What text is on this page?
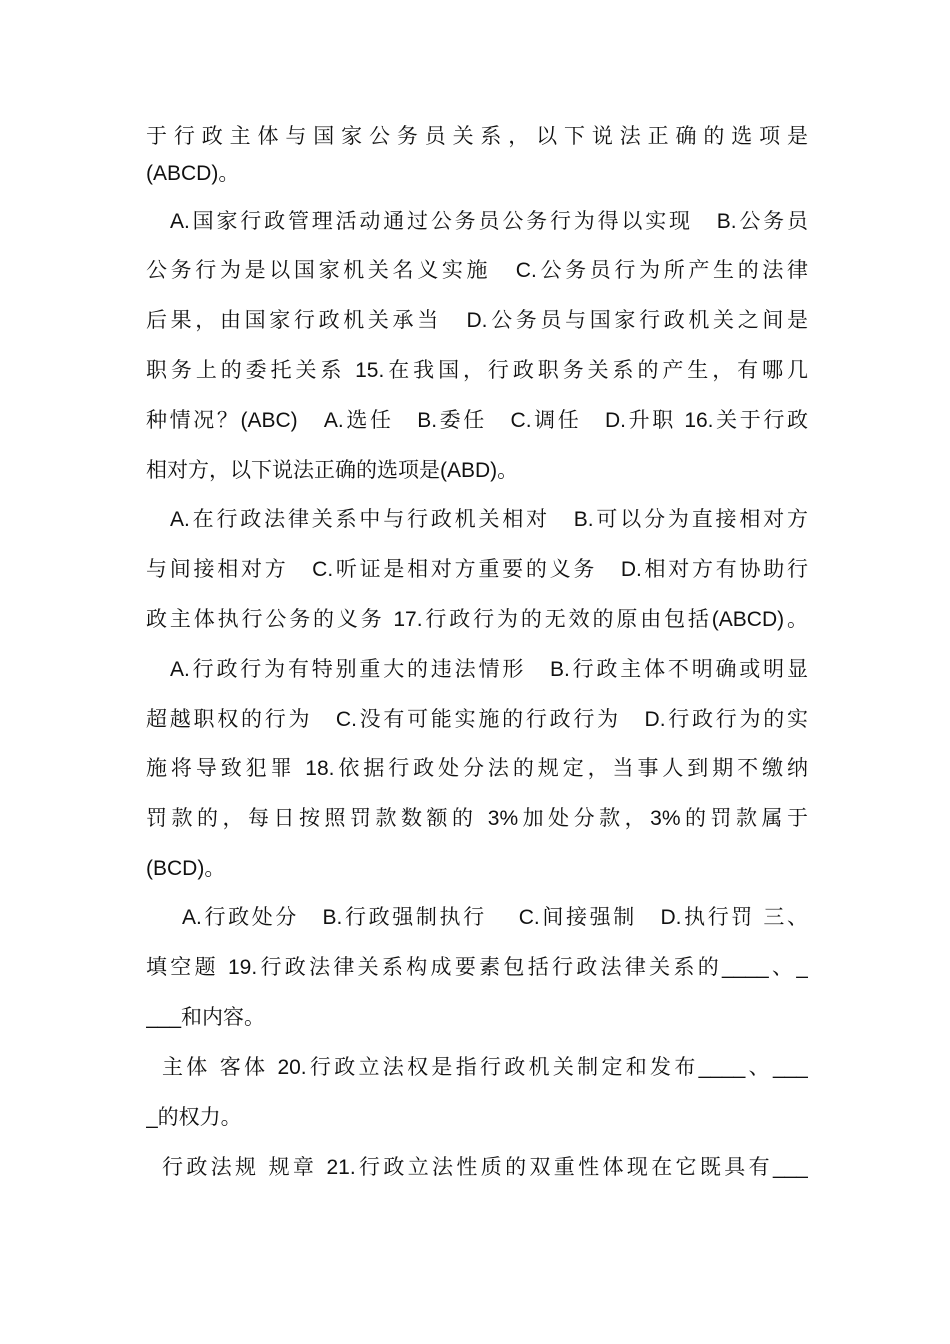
于行政主体与国家公务员关系，以下说法正确的选项是
(ABCD)。
A.国家行政管理活动通过公务员公务行为得以实现　B.公务员
公务行为是以国家机关名义实施　C.公务员行为所产生的法律
后果，由国家行政机关承当　D.公务员与国家行政机关之间是
职务上的委托关系 15.在我国，行政职务关系的产生，有哪几
种情况？(ABC)　A.选任　B.委任　C.调任　D.升职 16.关于行政
相对方，以下说法正确的选项是(ABD)。
A.在行政法律关系中与行政机关相对　B.可以分为直接相对方
与间接相对方　C.听证是相对方重要的义务　D.相对方有协助行
政主体执行公务的义务 17.行政行为的无效的原由包括(ABCD)。
A.行政行为有特别重大的违法情形　B.行政主体不明确或明显
超越职权的行为　C.没有可能实施的行政行为　D.行政行为的实
施将导致犯罪 18.依据行政处分法的规定，当事人到期不缴纳
罚款的，每日按照罚款数额的 3%加处分款，3%的罚款属于
(BCD)。
A.行政处分　B.行政强制执行　 C.间接强制　D.执行罚 三、
填空题 19.行政法律关系构成要素包括行政法律关系的____、_
___和内容。
主体 客体 20.行政立法权是指行政机关制定和发布____、___
_的权力。
行政法规 规章 21.行政立法性质的双重性体现在它既具有___
